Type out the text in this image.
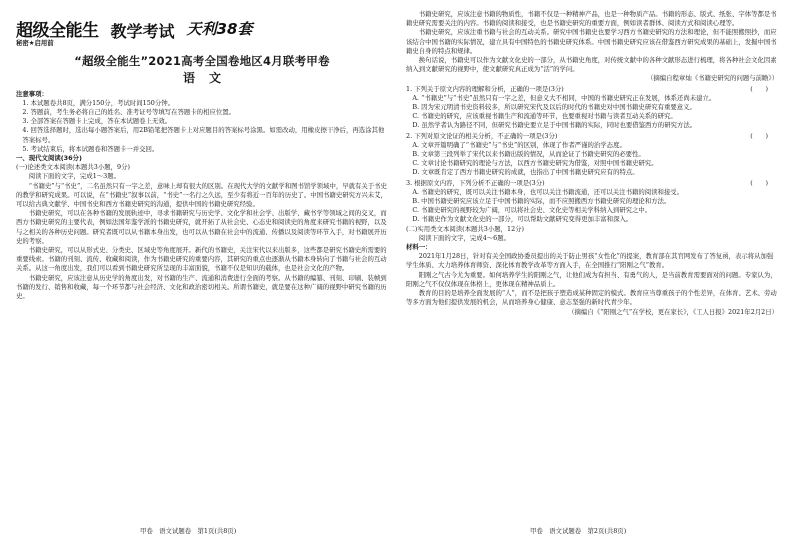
超级全能生 教学考试 天利38套
秘密★启用前
“超级全能生”2021高考全国卷地区4月联考甲卷
语文

注意事项：

1. 本试题卷共8页，满分150分，考试时间150分钟。

2. 答题前，考生务必将自己的姓名、准考证号等填写在答题卡的相应位置。

3. 全部答案在答题卡上完成，答在本试题卷上无效。

4. 回答选择题时，选出每小题答案后，用2B铅笔把答题卡上对应题目的答案标号涂黑。如需改动，用橡皮擦干净后，再选涂其他答案标号。

5. 考试结束后，将本试题卷和答题卡一并交回。

一、现代文阅读(36分)

(一)论述类文本阅读(本题共3小题，9分)

阅读下面的文字，完成1～3题。

“书籍史”与“书史”，二名虽然只有一字之差，意味上却有很大的区别。在现代大学的文献学和图书馆学领域中，早就有关于书史的教学和研究成果。可以说，在“书籍史”叙事以前，“书史”一名行之久远，至少有将近一百年的历史了。中国书籍史研究方兴未艾，可以给古典文献学、中国书史和西方书籍史研究的沟通，提供中国的书籍史研究经验。

书籍史研究，可以在各种书籍的发展轨迹中，寻求书籍研究与历史学、文化学和社会学、出版学、藏书学等领域之间的交叉，而西方书籍史研究的主要代表，例如法国年鉴学派的书籍史研究，就开拓了从社会史、心态史和阅读史的角度来研究书籍的视野，以及与之相关的各种历史问题。研究者既可以从书籍本身出发，也可以从书籍在社会中的流通、传播以及阅读等环节入手，对书籍展开历史的考察。

书籍史研究，可以从形式史、分类史、区域史等角度展开。新代的书籍史，关注宋代以来出版多，这些都是研究书籍史所需要的重要线索。书籍的刊刻、流传、收藏和阅读，作为书籍史研究的重要内容，其研究的重点也逐渐从书籍本身转向了书籍与社会的互动关系。从这一角度出发，我们可以看到书籍史研究所呈现的丰富面貌，书籍不仅是知识的载体，也是社会文化的产物。

书籍史研究，应该注意从历史学的角度出发，对书籍的生产、流通和消费进行全面的考察。从书籍的编纂、刊刻、印刷、装帧到书籍的发行、销售和收藏，每一个环节都与社会经济、文化和政治密切相关。所谓书籍史，就是要在这种广阔的视野中研究书籍的历史。

书籍史研究，应该注意书籍的物质性，书籍不仅是一种精神产品，也是一种物质产品。书籍的形态、版式、纸张、字体等都是书籍史研究需要关注的内容。书籍的阅读和接受，也是书籍史研究的重要方面，例如读者群体、阅读方式和阅读心理等。

书籍史研究，应该注重书籍与社会的互动关系。研究中国书籍史也要学习西方书籍史研究的方法和理论，但不能照搬照抄，而应该结合中国书籍的实际情况，建立具有中国特色的书籍史研究体系。中国书籍史研究应该在借鉴西方研究成果的基础上，发掘中国书籍史自身的特点和规律。

换句话说，书籍史可以作为文献文化史的一部分，从书籍史角度，对传统文献中的各种文献形态进行梳理，将各种社会文化因素纳入到文献研究的视野中，使文献研究真正成为“活”的学问。

（摘编自程章灿《书籍史研究的问题与前瞻》）

1. 下列关于原文内容的理解和分析，正确的一项是(3分)	(　　)

A. “书籍史”与“书史”虽然只有一字之差，但意义大不相同，中国的书籍史研究正在发展，体系还尚未建立。

B. 因为宋元明清书史资料较多，所以研究宋代及以后的时代的书籍史对中国书籍史研究有重要意义。

C. 书籍史的研究，应该重视书籍生产和流通等环节，也要重视对书籍与读者互动关系的研究。

D. 虽然学者认为路径不同，但研究书籍史要立足于中国书籍的实际，同时也要借鉴西方的研究方法。

2. 下列对原文论证的相关分析，不正确的一项是(3分)	(　　)

A. 文章开篇明确了“书籍史”与“书史”的区别，体现了作者严谨的治学态度。

B. 文章第三段列举了宋代以来书籍出版的情况，从而论证了书籍史研究的必要性。

C. 文章讨论书籍研究的理论与方法，以西方书籍史研究为借鉴，对照中国书籍史研究。

D. 文章既肯定了西方书籍史研究的成就，也指出了中国书籍史研究应有的特点。

3. 根据原文内容，下列分析不正确的一项是(3分)	(　　)

A. 书籍史的研究，既可以关注书籍本身，也可以关注书籍流通，还可以关注书籍的阅读和接受。

B. 中国书籍史研究应该立足于中国书籍的实际，而不应照搬西方书籍史研究的理论和方法。

C. 书籍史研究的视野较为广阔，可以将社会史、文化史等相关学科纳入到研究之中。

D. 书籍史作为文献文化史的一部分，可以帮助文献研究变得更加丰富和深入。

(二)实用类文本阅读(本题共3小题，12分)

阅读下面的文字，完成4～6题。

材料一：

2021年1月28日，针对有关全国政协委员提出的关于防止男孩“女性化”的提案，教育部在其官网发布了答复函，表示将从加强学生体质、大力培养体育师资、深化体育教学改革等方面入手，在全国推行“阳刚之气”教育。

阳刚之气古今尤为重要。如何培养学生的阳刚之气，让他们成为有担当、有勇气的人，是当前教育需要面对的问题。专家认为，阳刚之气不仅仅体现在体格上，更体现在精神品质上。

教育的目的是培养全面发展的“人”，而不是把孩子塑造成某种固定的模式。教育应当尊重孩子的个性差异，在体育、艺术、劳动等多方面为他们提供发展的机会，从而培养身心健康、意志坚强的新时代青少年。

（摘编自《“阳刚之气”在学校，更在家长》，《工人日报》2021年2月2日）

甲卷　语文试题卷　第1页(共8页)	甲卷　语文试题卷　第2页(共8页)
